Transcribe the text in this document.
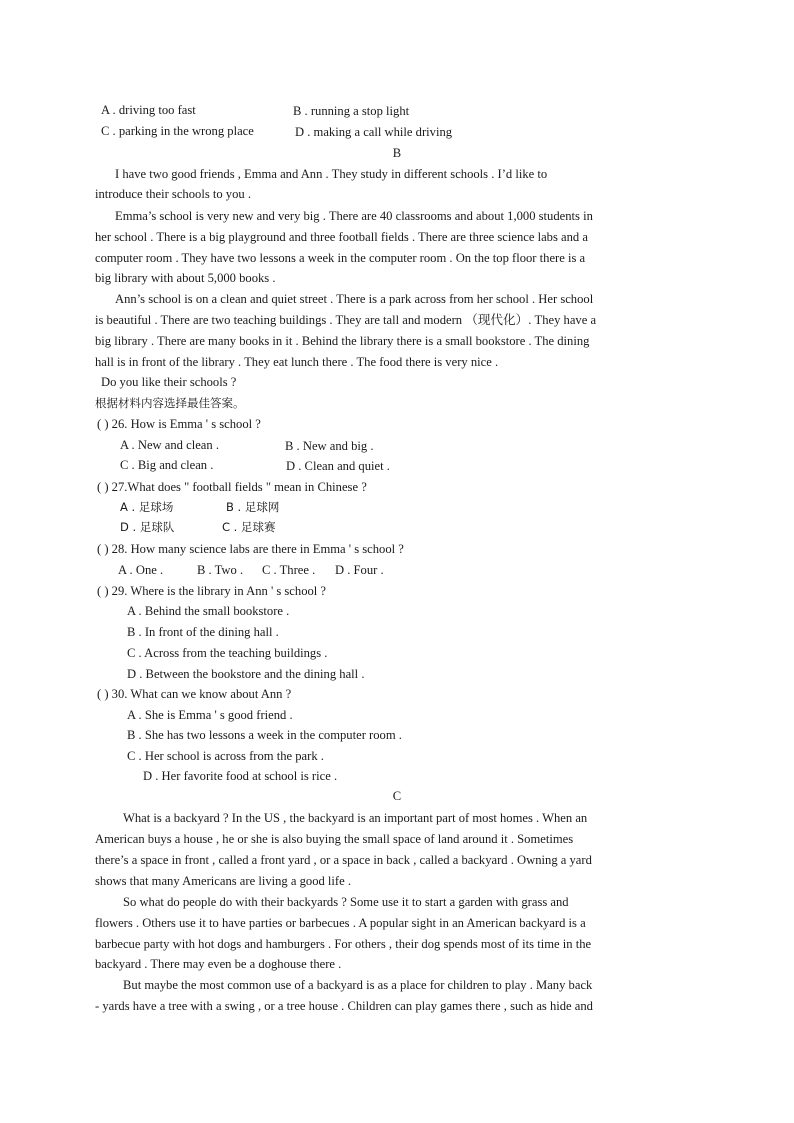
A . driving too fast	B . running a stop light
C . parking in the wrong place	D . making a call while driving
B
I have two good friends , Emma and Ann . They study in different schools . I’d like to
introduce their schools to you .
Emma’s school is very new and very big . There are 40 classrooms and about 1,000 students in
her school . There is a big playground and three football fields . There are three science labs and a
computer room . They have two lessons a week in the computer room . On the top floor there is a
big library with about 5,000 books .
Ann’s school is on a clean and quiet street . There is a park across from her school . Her school
is beautiful . There are two teaching buildings . They are tall and modern （现代化）. They have a
big library . There are many books in it . Behind the library there is a small bookstore . The dining
hall is in front of the library . They eat lunch there . The food there is very nice .
Do you like their schools ?
根据材料内容选择最佳答案。
( ) 26. How is Emma ' s school ?
A . New and clean .	B . New and big .
C . Big and clean .	D . Clean and quiet .
( ) 27.What does " football fields " mean in Chinese ?
A . 足球场	B . 足球网
D . 足球队	C . 足球赛
( ) 28. How many science labs are there in Emma ' s school ?
A . One .	B . Two . C . Three . D . Four .
( ) 29. Where is the library in Ann ' s school ?
A . Behind the small bookstore .
B . In front of the dining hall .
C . Across from the teaching buildings .
D . Between the bookstore and the dining hall .
( ) 30. What can we know about Ann ?
A . She is Emma ' s good friend .
B . She has two lessons a week in the computer room .
C . Her school is across from the park .
D . Her favorite food at school is rice .
C
What is a backyard ? In the US , the backyard is an important part of most homes . When an
American buys a house , he or she is also buying the small space of land around it . Sometimes
there’s a space in front , called a front yard , or a space in back , called a backyard . Owning a yard
shows that many Americans are living a good life .
So what do people do with their backyards ? Some use it to start a garden with grass and
flowers . Others use it to have parties or barbecues . A popular sight in an American backyard is a
barbecue party with hot dogs and hamburgers . For others , their dog spends most of its time in the
backyard . There may even be a doghouse there .
But maybe the most common use of a backyard is as a place for children to play . Many back
- yards have a tree with a swing , or a tree house . Children can play games there , such as hide and
